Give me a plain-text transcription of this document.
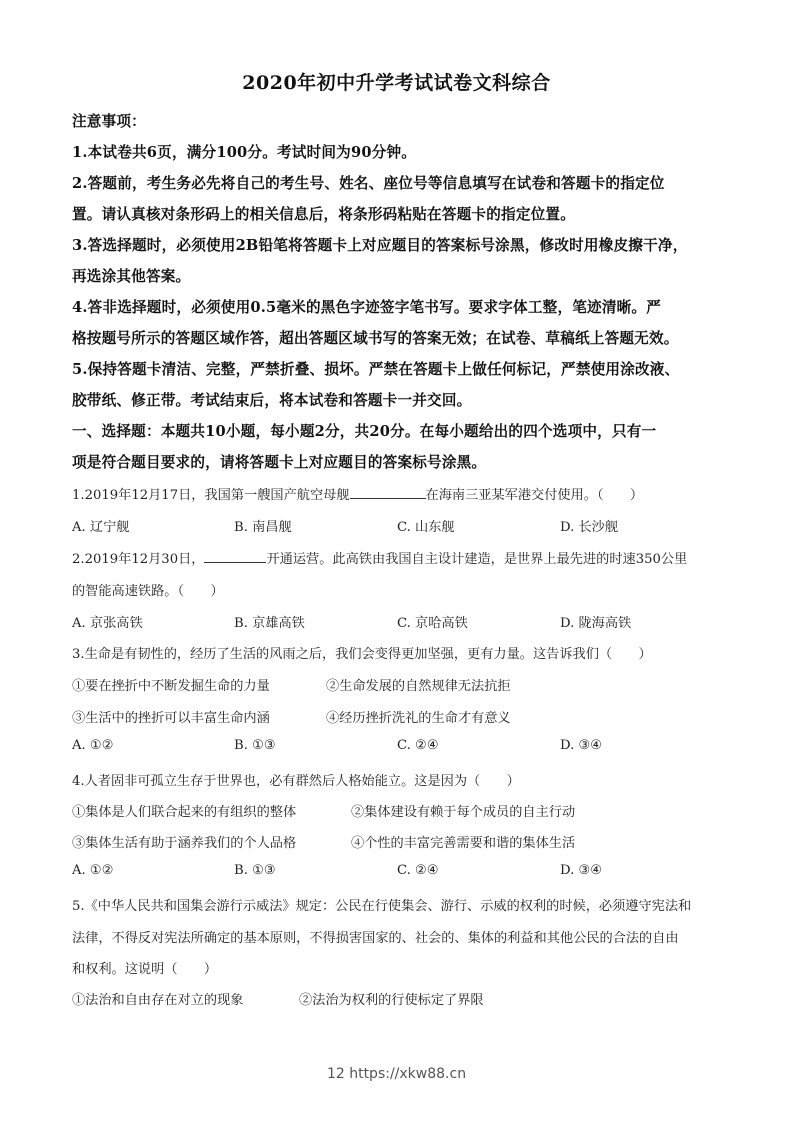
2020年初中升学考试试卷文科综合
注意事项：
1.本试卷共6页，满分100分。考试时间为90分钟。
2.答题前，考生务必先将自己的考生号、姓名、座位号等信息填写在试卷和答题卡的指定位
置。请认真核对条形码上的相关信息后，将条形码粘贴在答题卡的指定位置。
3.答选择题时，必须使用2B铅笔将答题卡上对应题目的答案标号涂黑，修改时用橡皮擦干净，
再选涂其他答案。
4.答非选择题时，必须使用0.5毫米的黑色字迹签字笔书写。要求字体工整，笔迹清晰。严
格按题号所示的答题区域作答，超出答题区域书写的答案无效；在试卷、草稿纸上答题无效。
5.保持答题卡清洁、完整，严禁折叠、损坏。严禁在答题卡上做任何标记，严禁使用涂改液、
胶带纸、修正带。考试结束后，将本试卷和答题卡一并交回。
一、选择题：本题共10小题，每小题2分，共20分。在每小题给出的四个选项中，只有一
项是符合题目要求的，请将答题卡上对应题目的答案标号涂黑。
1.2019年12月17日，我国第一艘国产航空母舰	在海南三亚某军港交付使用。（　　）
A. 辽宁舰	B. 南昌舰	C. 山东舰	D. 长沙舰
2.2019年12月30日，	开通运营。此高铁由我国自主设计建造，是世界上最先进的时速350公里
的智能高速铁路。（　　）
A. 京张高铁	B. 京雄高铁	C. 京哈高铁	D. 陇海高铁
3.生命是有韧性的，经历了生活的风雨之后，我们会变得更加坚强，更有力量。这告诉我们（　　）
①要在挫折中不断发掘生命的力量	②生命发展的自然规律无法抗拒
③生活中的挫折可以丰富生命内涵	④经历挫折洗礼的生命才有意义
A. ①②	B. ①③	C. ②④	D. ③④
4.人者固非可孤立生存于世界也，必有群然后人格始能立。这是因为（　　）
①集体是人们联合起来的有组织的整体	②集体建设有赖于每个成员的自主行动
③集体生活有助于涵养我们的个人品格	④个性的丰富完善需要和谐的集体生活
A. ①②	B. ①③	C. ②④	D. ③④
5.《中华人民共和国集会游行示威法》规定：公民在行使集会、游行、示威的权利的时候，必须遵守宪法和
法律，不得反对宪法所确定的基本原则，不得损害国家的、社会的、集体的利益和其他公民的合法的自由
和权利。这说明（　　）
①法治和自由存在对立的现象	②法治为权利的行使标定了界限
12 https://xkw88.cn
